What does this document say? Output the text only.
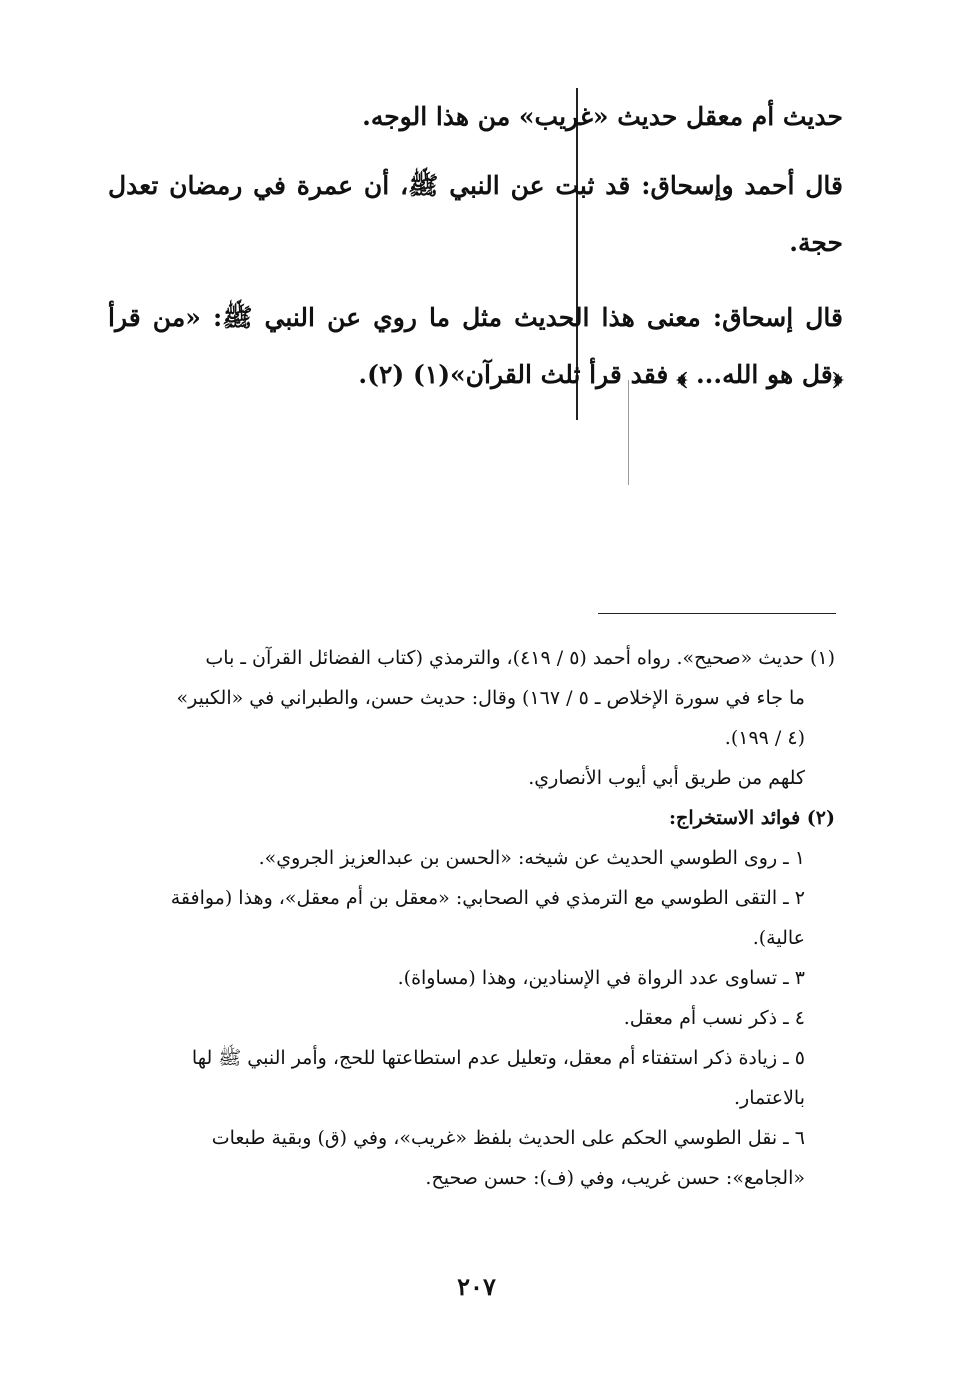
حديث أم معقل حديث «غريب» من هذا الوجه.

قال أحمد وإسحاق: قد ثبت عن النبي ﷺ، أن عمرة في رمضان تعدل حجة.

قال إسحاق: معنى هذا الحديث مثل ما روي عن النبي ﷺ: «من قرأ ﴿قل هو الله... ﴾ فقد قرأ ثلث القرآن»(١) (٢).

(١) حديث «صحيح». رواه أحمد (٥ / ٤١٩)، والترمذي (كتاب الفضائل القرآن ـ باب

ما جاء في سورة الإخلاص ـ ٥ / ١٦٧) وقال: حديث حسن، والطبراني في «الكبير»

(٤ / ١٩٩).

كلهم من طريق أبي أيوب الأنصاري.

(٢) فوائد الاستخراج:

١ ـ روى الطوسي الحديث عن شيخه: «الحسن بن عبدالعزيز الجروي».

٢ ـ التقى الطوسي مع الترمذي في الصحابي: «معقل بن أم معقل»، وهذا (موافقة

عالية).

٣ ـ تساوى عدد الرواة في الإسنادين، وهذا (مساواة).

٤ ـ ذكر نسب أم معقل.

٥ ـ زيادة ذكر استفتاء أم معقل، وتعليل عدم استطاعتها للحج، وأمر النبي ﷺ لها

بالاعتمار.

٦ ـ نقل الطوسي الحكم على الحديث بلفظ «غريب»، وفي (ق) وبقية طبعات

«الجامع»: حسن غريب، وفي (ف): حسن صحيح.

٢٠٧
